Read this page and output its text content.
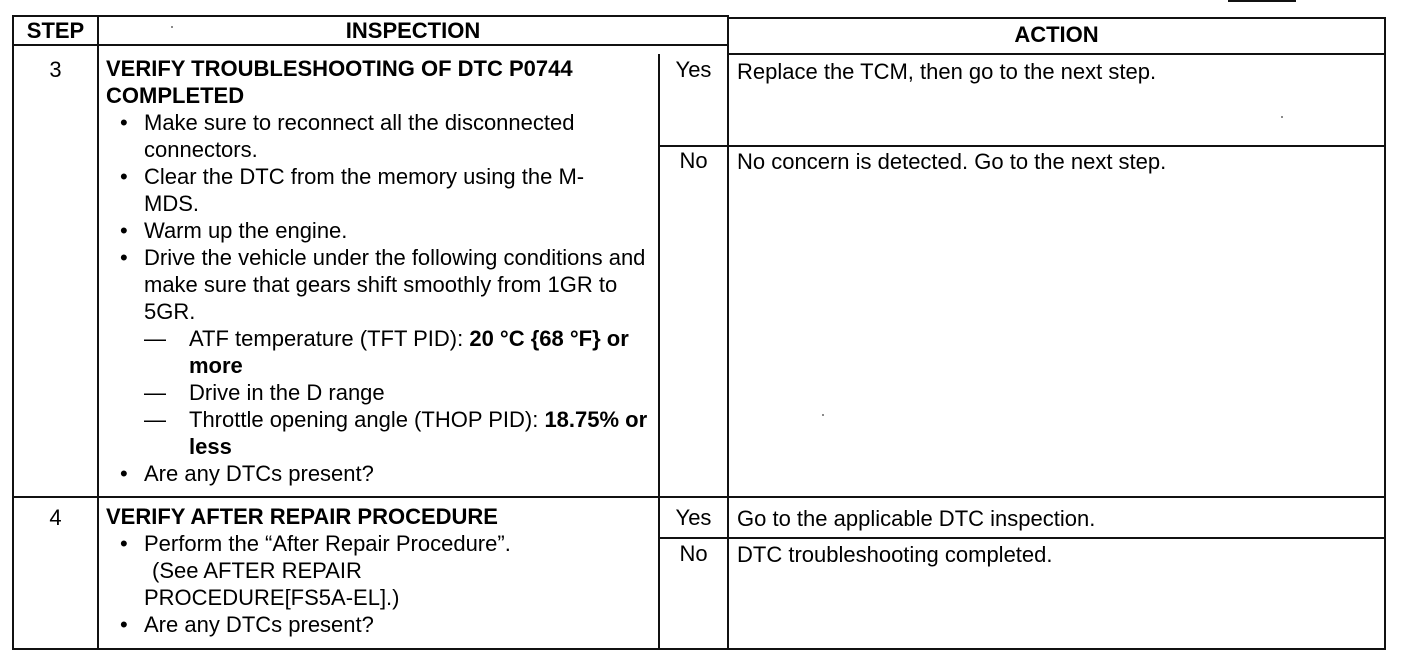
STEP	INSPECTION	ACTION
3	VERIFY TROUBLESHOOTING OF DTC P0744
COMPLETED
• Make sure to reconnect all the disconnected connectors.
• Clear the DTC from the memory using the M-MDS.
• Warm up the engine.
• Drive the vehicle under the following conditions and make sure that gears shift smoothly from 1GR to 5GR.
— ATF temperature (TFT PID): 20 °C {68 °F} or more
— Drive in the D range
— Throttle opening angle (THOP PID): 18.75% or less
• Are any DTCs present?
Yes	Replace the TCM, then go to the next step.
No	No concern is detected. Go to the next step.
4	VERIFY AFTER REPAIR PROCEDURE
• Perform the “After Repair Procedure”.
(See AFTER REPAIR
PROCEDURE[FS5A-EL].)
• Are any DTCs present?
Yes	Go to the applicable DTC inspection.
No	DTC troubleshooting completed.
